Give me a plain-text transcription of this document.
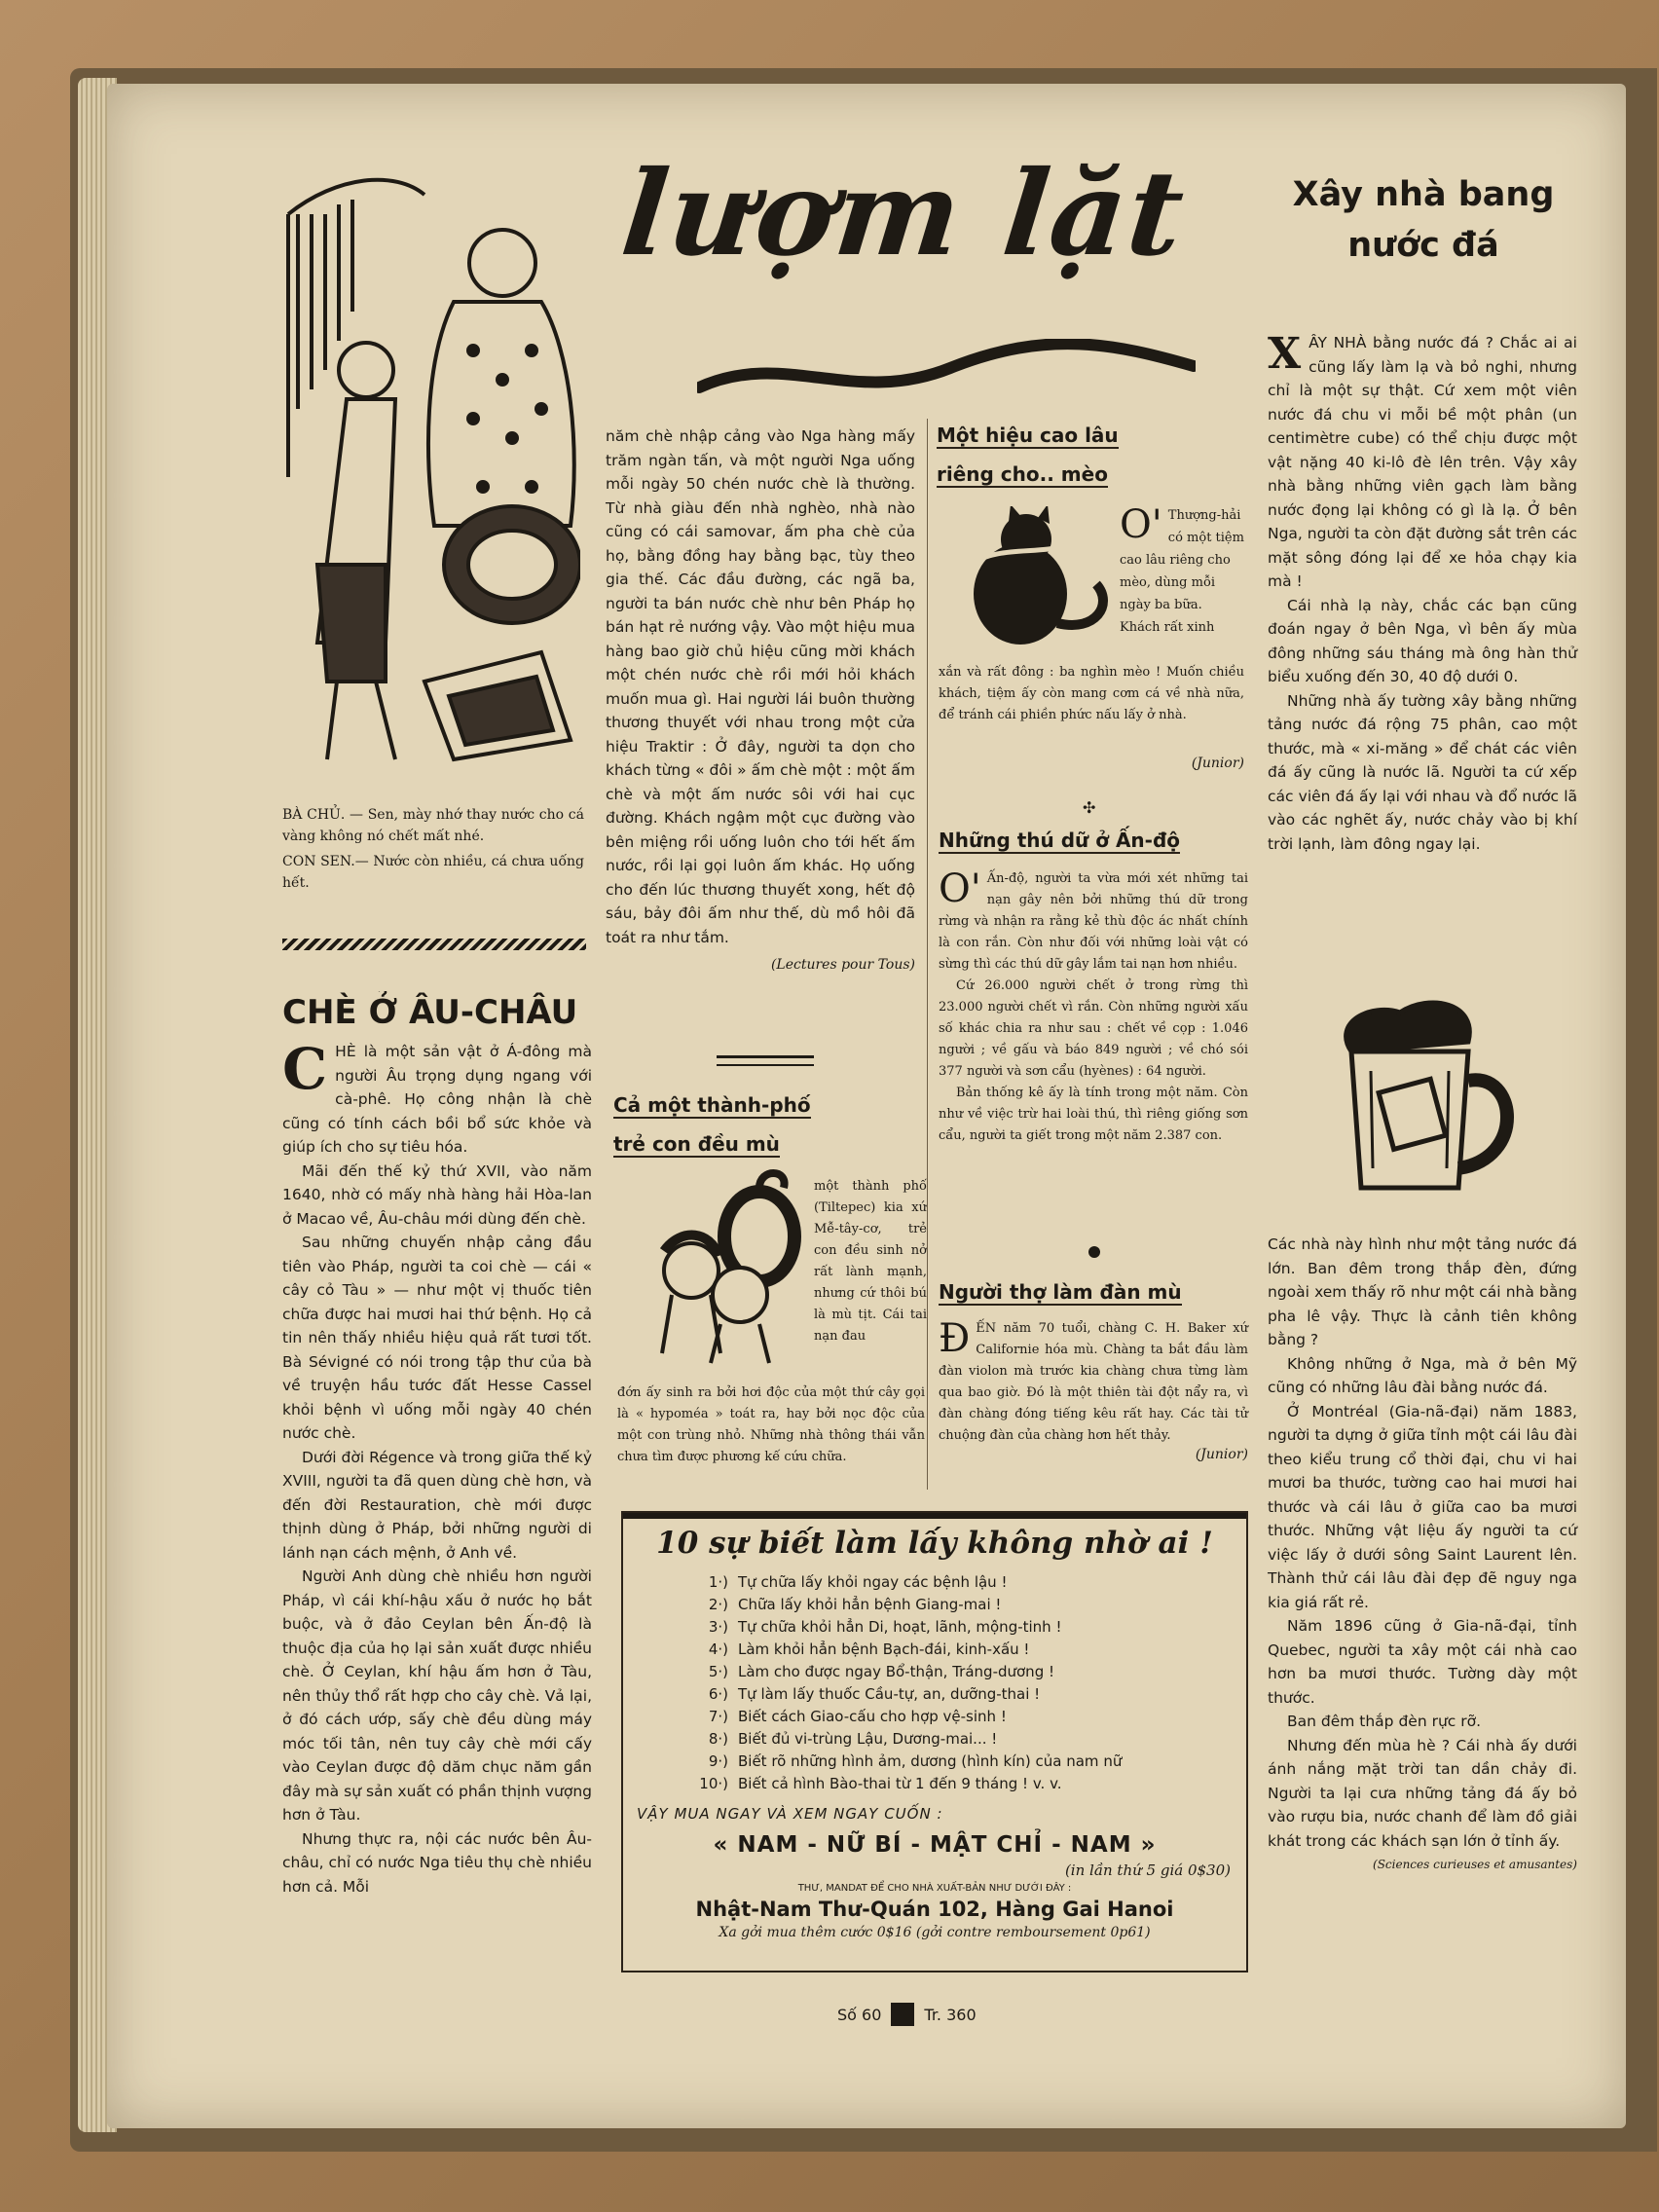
lượm lặt

BÀ CHỦ. — Sen, mày nhớ thay nước cho cá vàng không nó chết mất nhé.

CON SEN.— Nước còn nhiều, cá chưa uống hết.

CHÈ Ở ÂU-CHÂU
C HÈ là một sản vật ở Á-đông mà người Âu trọng dụng ngang với cà-phê. Họ công nhận là chè cũng có tính cách bồi bổ sức khỏe và giúp ích cho sự tiêu hóa.

Mãi đến thế kỷ thứ XVII, vào năm 1640, nhờ có mấy nhà hàng hải Hòa-lan ở Macao về, Âu-châu mới dùng đến chè.

Sau những chuyến nhập cảng đầu tiên vào Pháp, người ta coi chè — cái « cây cỏ Tàu » — như một vị thuốc tiên chữa được hai mươi hai thứ bệnh. Họ cả tin nên thấy nhiều hiệu quả rất tươi tốt. Bà Sévigné có nói trong tập thư của bà về truyện hầu tước đất Hesse Cassel khỏi bệnh vì uống mỗi ngày 40 chén nước chè.

Dưới đời Régence và trong giữa thế kỷ XVIII, người ta đã quen dùng chè hơn, và đến đời Restauration, chè mới được thịnh dùng ở Pháp, bởi những người di lánh nạn cách mệnh, ở Anh về.

Người Anh dùng chè nhiều hơn người Pháp, vì cái khí-hậu xấu ở nước họ bắt buộc, và ở đảo Ceylan bên Ấn-độ là thuộc địa của họ lại sản xuất được nhiều chè. Ở Ceylan, khí hậu ấm hơn ở Tàu, nên thủy thổ rất hợp cho cây chè. Vả lại, ở đó cách ướp, sấy chè đều dùng máy móc tối tân, nên tuy cây chè mới cấy vào Ceylan được độ dăm chục năm gần đây mà sự sản xuất có phần thịnh vượng hơn ở Tàu.

Nhưng thực ra, nội các nước bên Âu-châu, chỉ có nước Nga tiêu thụ chè nhiều hơn cả. Mỗi

năm chè nhập cảng vào Nga hàng mấy trăm ngàn tấn, và một người Nga uống mỗi ngày 50 chén nước chè là thường. Từ nhà giàu đến nhà nghèo, nhà nào cũng có cái samovar, ấm pha chè của họ, bằng đồng hay bằng bạc, tùy theo gia thế. Các đầu đường, các ngã ba, người ta bán nước chè như bên Pháp họ bán hạt rẻ nướng vậy. Vào một hiệu mua hàng bao giờ chủ hiệu cũng mời khách một chén nước chè rồi mới hỏi khách muốn mua gì. Hai người lái buôn thường thương thuyết với nhau trong một cửa hiệu Traktir : Ở đây, người ta dọn cho khách từng « đôi » ấm chè một : một ấm chè và một ấm nước sôi với hai cục đường. Khách ngậm một cục đường vào bên miệng rồi uống luôn cho tới hết ấm nước, rồi lại gọi luôn ấm khác. Họ uống cho đến lúc thương thuyết xong, hết độ sáu, bảy đôi ấm như thế, dù mồ hôi đã toát ra như tắm.

(Lectures pour Tous)

Cả một thành-phố
trẻ con đều mù
một thành phố (Tiltepec) kia xứ Mễ-tây-cơ, trẻ con đều sinh nở rất lành mạnh, nhưng cứ thôi bú là mù tịt. Cái tai nạn đau
đớn ấy sinh ra bởi hơi độc của một thứ cây gọi là « hypoméa » toát ra, hay bởi nọc độc của một con trùng nhỏ. Những nhà thông thái vẫn chưa tìm được phương kế cứu chữa.
Một hiệu cao lâu
riêng cho.. mèo
O' Thượng-hải có một tiệm cao lâu riêng cho mèo, dùng mỗi ngày ba bữa. Khách rất xinh
xắn và rất đông : ba nghìn mèo ! Muốn chiều khách, tiệm ấy còn mang cơm cá về nhà nữa, để tránh cái phiền phức nấu lấy ở nhà.
(Junior)
✣
Những thú dữ ở Ấn-độ
O' Ấn-độ, người ta vừa mới xét những tai nạn gây nên bởi những thú dữ trong rừng và nhận ra rằng kẻ thù độc ác nhất chính là con rắn. Còn như đối với những loài vật có sừng thì các thú dữ gây lắm tai nạn hơn nhiều.

Cứ 26.000 người chết ở trong rừng thì 23.000 người chết vì rắn. Còn những người xấu số khác chia ra như sau : chết về cọp : 1.046 người ; về gấu và báo 849 người ; về chó sói 377 người và sơn cẩu (hyènes) : 64 người.

Bản thống kê ấy là tính trong một năm. Còn như về việc trừ hai loài thú, thì riêng giống sơn cẩu, người ta giết trong một năm 2.387 con.

Người thợ làm đàn mù
Đ ẾN năm 70 tuổi, chàng C. H. Baker xứ Californie hóa mù. Chàng ta bắt đầu làm đàn violon mà trước kia chàng chưa từng làm qua bao giờ. Đó là một thiên tài đột nẩy ra, vì đàn chàng đóng tiếng kêu rất hay. Các tài tử chuộng đàn của chàng hơn hết thảy.

(Junior)

Xây nhà bang
nước đá
X ÂY NHÀ bằng nước đá ? Chắc ai ai cũng lấy làm lạ và bỏ nghi, nhưng chỉ là một sự thật. Cứ xem một viên nước đá chu vi mỗi bề một phân (un centimètre cube) có thể chịu được một vật nặng 40 ki-lô đè lên trên. Vậy xây nhà bằng những viên gạch làm bằng nước đọng lại không có gì là lạ. Ở bên Nga, người ta còn đặt đường sắt trên các mặt sông đóng lại để xe hỏa chạy kia mà !

Cái nhà lạ này, chắc các bạn cũng đoán ngay ở bên Nga, vì bên ấy mùa đông những sáu tháng mà ông hàn thử biểu xuống đến 30, 40 độ dưới 0.

Những nhà ấy tường xây bằng những tảng nước đá rộng 75 phân, cao một thước, mà « xi-măng » để chát các viên đá ấy cũng là nước lã. Người ta cứ xếp các viên đá ấy lại với nhau và đổ nước lã vào các nghẽt ấy, nước chảy vào bị khí trời lạnh, làm đông ngay lại.

Các nhà này hình như một tảng nước đá lớn. Ban đêm trong thắp đèn, đứng ngoài xem thấy rõ như một cái nhà bằng pha lê vậy. Thực là cảnh tiên không bằng ?

Không những ở Nga, mà ở bên Mỹ cũng có những lâu đài bằng nước đá.

Ở Montréal (Gia-nã-đại) năm 1883, người ta dựng ở giữa tỉnh một cái lâu đài theo kiểu trung cổ thời đại, chu vi hai mươi ba thước, tường cao hai mươi hai thước và cái lâu ở giữa cao ba mươi thước. Những vật liệu ấy người ta cứ việc lấy ở dưới sông Saint Laurent lên. Thành thử cái lâu đài đẹp đẽ nguy nga kia giá rất rẻ.

Năm 1896 cũng ở Gia-nã-đại, tỉnh Quebec, người ta xây một cái nhà cao hơn ba mươi thước. Tường dày một thước.

Ban đêm thắp đèn rực rỡ.

Nhưng đến mùa hè ? Cái nhà ấy dưới ánh nắng mặt trời tan dần chảy đi. Người ta lại cưa những tảng đá ấy bỏ vào rượu bia, nước chanh để làm đồ giải khát trong các khách sạn lớn ở tỉnh ấy.

(Sciences curieuses et amusantes)

10 sự biết làm lấy không nhờ ai !
1·) Tự chữa lấy khỏi ngay các bệnh lậu !
2·) Chữa lấy khỏi hẳn bệnh Giang-mai !
3·) Tự chữa khỏi hẳn Di, hoạt, lãnh, mộng-tinh !
4·) Làm khỏi hẳn bệnh Bạch-đái, kinh-xấu !
5·) Làm cho được ngay Bổ-thận, Tráng-dương !
6·) Tự làm lấy thuốc Cầu-tự, an, dưỡng-thai !
7·) Biết cách Giao-cấu cho hợp vệ-sinh !
8·) Biết đủ vi-trùng Lậu, Dương-mai... !
9·) Biết rõ những hình ảm, dương (hình kín) của nam nữ
10·) Biết cả hình Bào-thai từ 1 đến 9 tháng ! v. v.
VẬY MUA NGAY VÀ XEM NGAY CUỐN :
« NAM - NỮ BÍ - MẬT CHỈ - NAM »
(in lần thứ 5 giá 0$30)
THƯ, MANDAT ĐỂ CHO NHÀ XUẤT-BẢN NHƯ DƯỚI ĐÂY :
Nhật-Nam Thư-Quán 102, Hàng Gai Hanoi
Xa gởi mua thêm cước 0$16 (gởi contre remboursement 0p61)
Số 60	Tr. 360
